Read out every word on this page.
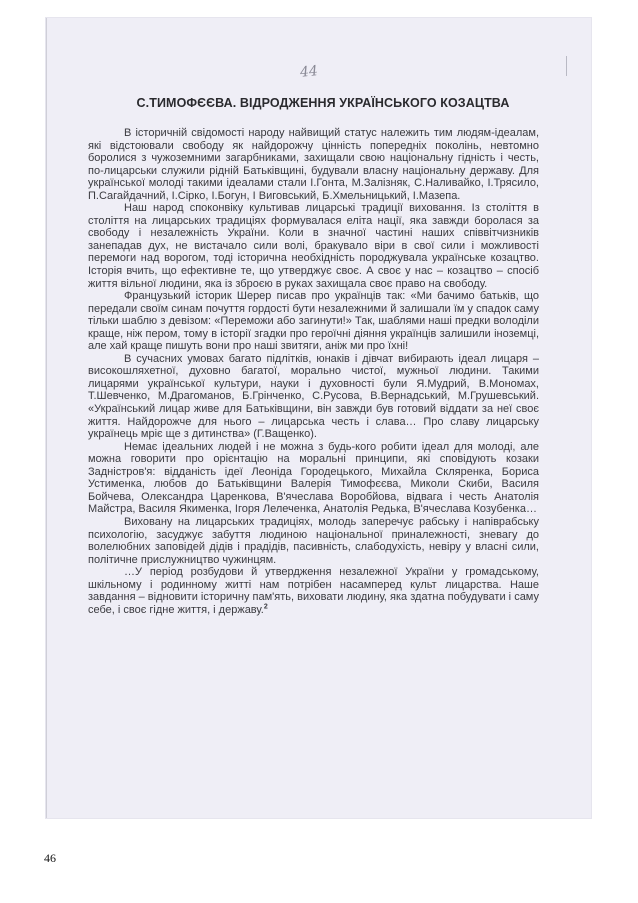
44
С.ТИМОФЄЄВА. ВІДРОДЖЕННЯ УКРАЇНСЬКОГО КОЗАЦТВА

В історичній свідомості народу найвищий статус належить тим людям-ідеалам, які відстоювали свободу як найдорожчу цінність попередніх поколінь, невтомно боролися з чужоземними загарбниками, захищали свою національну гідність і честь, по-лицарськи служили рідній Батьківщині, будували власну національну державу. Для української молоді такими ідеалами стали І.Гонта, М.Залізняк, С.Наливайко, І.Трясило, П.Сагайдачний, І.Сірко, І.Богун, І Виговський, Б.Хмельницький, І.Мазепа.

Наш народ споконвіку культивав лицарські традиції виховання. Із століття в століття на лицарських традиціях формувалася еліта нації, яка завжди боролася за свободу і незалежність України. Коли в значної частині наших співвітчизників занепадав дух, не вистачало сили волі, бракувало віри в свої сили і можливості перемоги над ворогом, тоді історична необхідність породжувала українське козацтво. Історія вчить, що ефективне те, що утверджує своє. А своє у нас – козацтво – спосіб життя вільної людини, яка із зброєю в руках захищала своє право на свободу.

Французький історик Шерер писав про українців так: «Ми бачимо батьків, що передали своїм синам почуття гордості бути незалежними й залишали їм у спадок саму тільки шаблю з девізом: «Переможи або загинути!» Так, шаблями наші предки володіли краще, ніж пером, тому в історії згадки про героїчні діяння українців залишили іноземці, але хай краще пишуть вони про наші звитяги, аніж ми про їхні!

В сучасних умовах багато підлітків, юнаків і дівчат вибирають ідеал лицаря – високошляхетної, духовно багатої, морально чистої, мужньої людини. Такими лицарями української культури, науки і духовності були Я.Мудрий, В.Мономах, Т.Шевченко, М.Драгоманов, Б.Грінченко, С.Русова, В.Вернадський, М.Грушевський. «Український лицар живе для Батьківщини, він завжди був готовий віддати за неї своє життя. Найдорожче для нього – лицарська честь і слава… Про славу лицарську українець мріє ще з дитинства» (Г.Ващенко).

Немає ідеальних людей і не можна з будь-кого робити ідеал для молоді, але можна говорити про орієнтацію на моральні принципи, які сповідують козаки Задністров'я: відданість ідеї Леоніда Городецького, Михайла Скляренка, Бориса Устименка, любов до Батьківщини Валерія Тимофєєва, Миколи Скиби, Василя Бойчева, Олександра Царенкова, В'ячеслава Воробйова, відвага і честь Анатолія Майстра, Василя Якименка, Ігоря Лелеченка, Анатолія Редька, В'ячеслава Козубенка…

Виховану на лицарських традиціях, молодь заперечує рабську і напіврабську психологію, засуджує забуття людиною національної приналежності, зневагу до волелюбних заповідей дідів і прадідів, пасивність, слабодухість, невіру у власні сили, політичне прислужництво чужинцям.

…У період розбудови й утвердження незалежної України у громадському, шкільному і родинному житті нам потрібен насамперед культ лицарства. Наше завдання – відновити історичну пам'ять, виховати людину, яка здатна побудувати і саму себе, і своє гідне життя, і державу.$^2$

46
